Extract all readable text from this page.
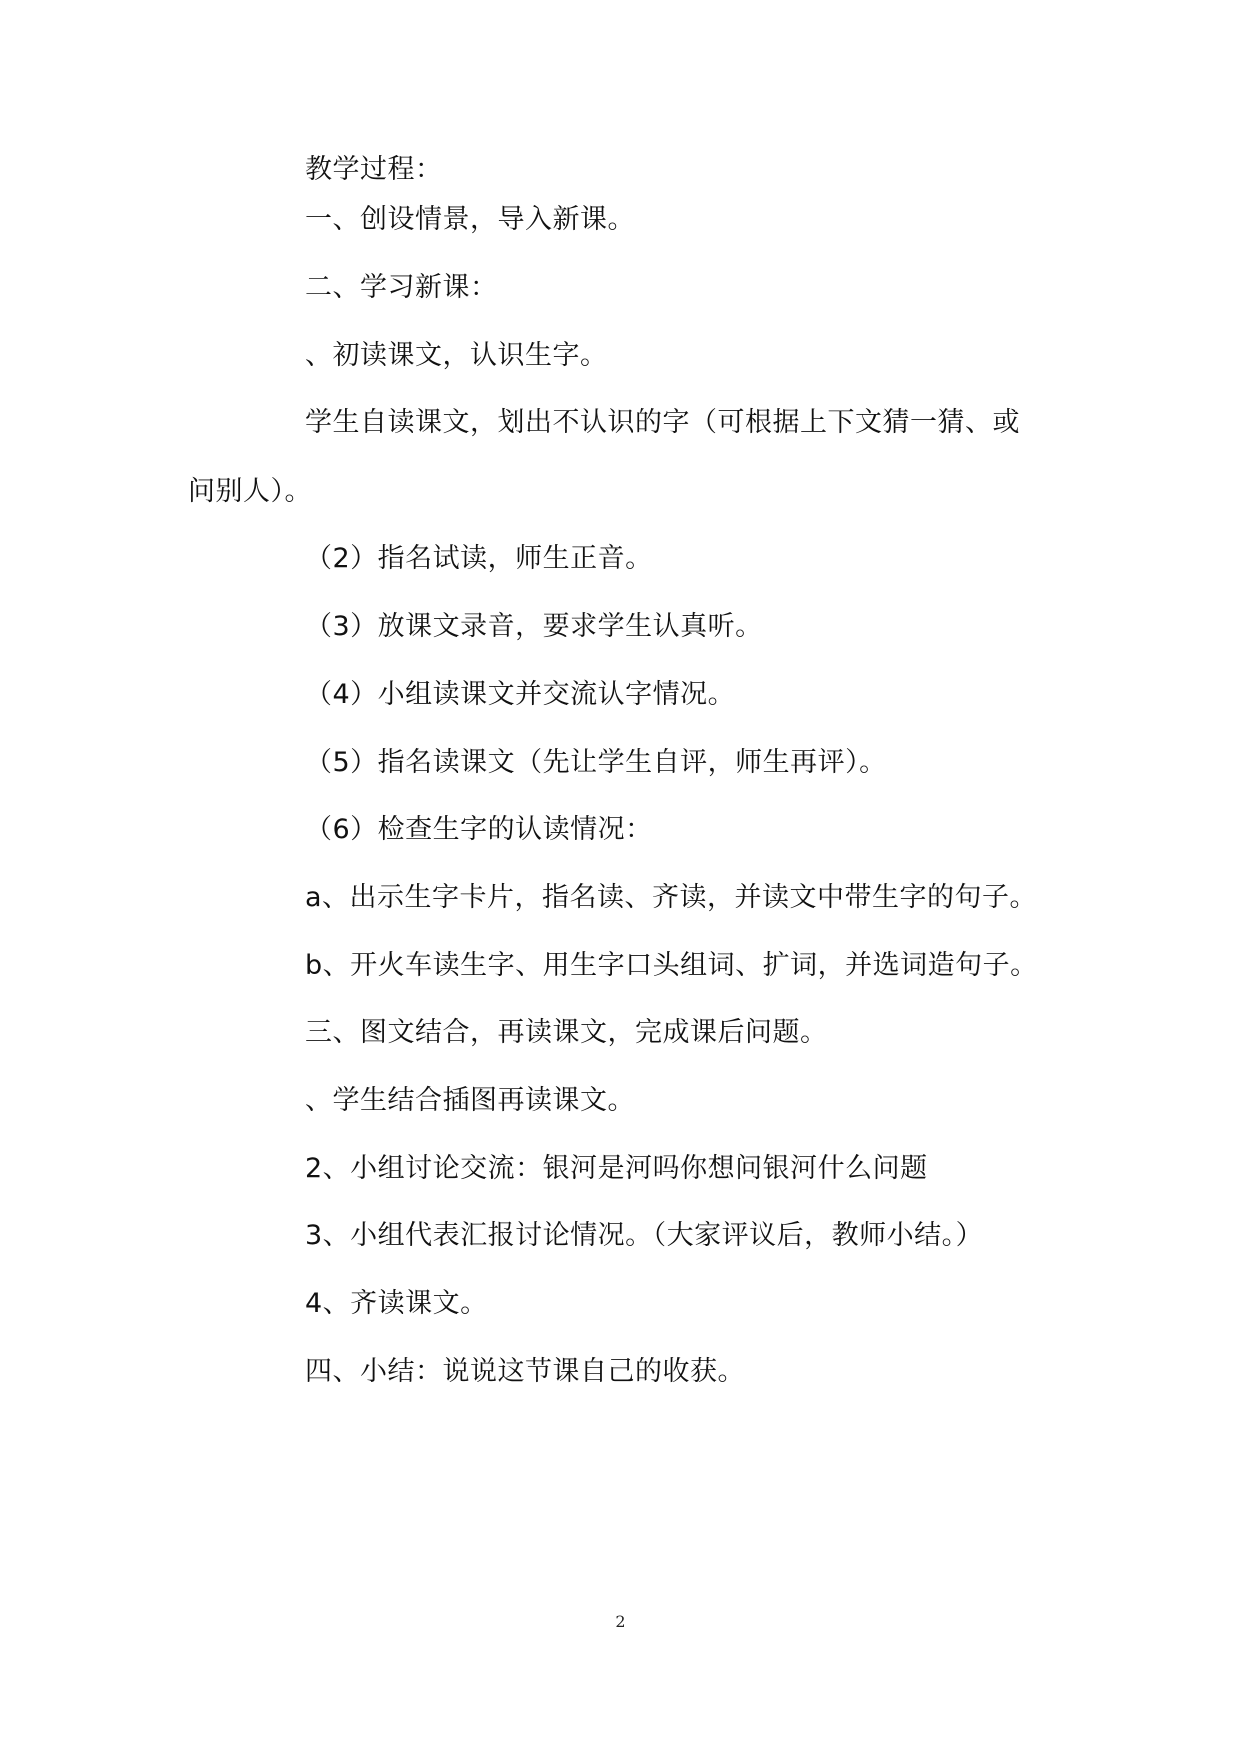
教学过程：
一、创设情景，导入新课。
二、学习新课：
、初读课文，认识生字。
学生自读课文，划出不认识的字（可根据上下文猜一猜、或
问别人）。
（2）指名试读，师生正音。
（3）放课文录音，要求学生认真听。
（4）小组读课文并交流认字情况。
（5）指名读课文（先让学生自评，师生再评）。
（6）检查生字的认读情况：
a、出示生字卡片，指名读、齐读，并读文中带生字的句子。
b、开火车读生字、用生字口头组词、扩词，并选词造句子。
三、图文结合，再读课文，完成课后问题。
、学生结合插图再读课文。
2、小组讨论交流：银河是河吗你想问银河什么问题
3、小组代表汇报讨论情况。（大家评议后，教师小结。）
4、齐读课文。
四、小结：说说这节课自己的收获。
2
